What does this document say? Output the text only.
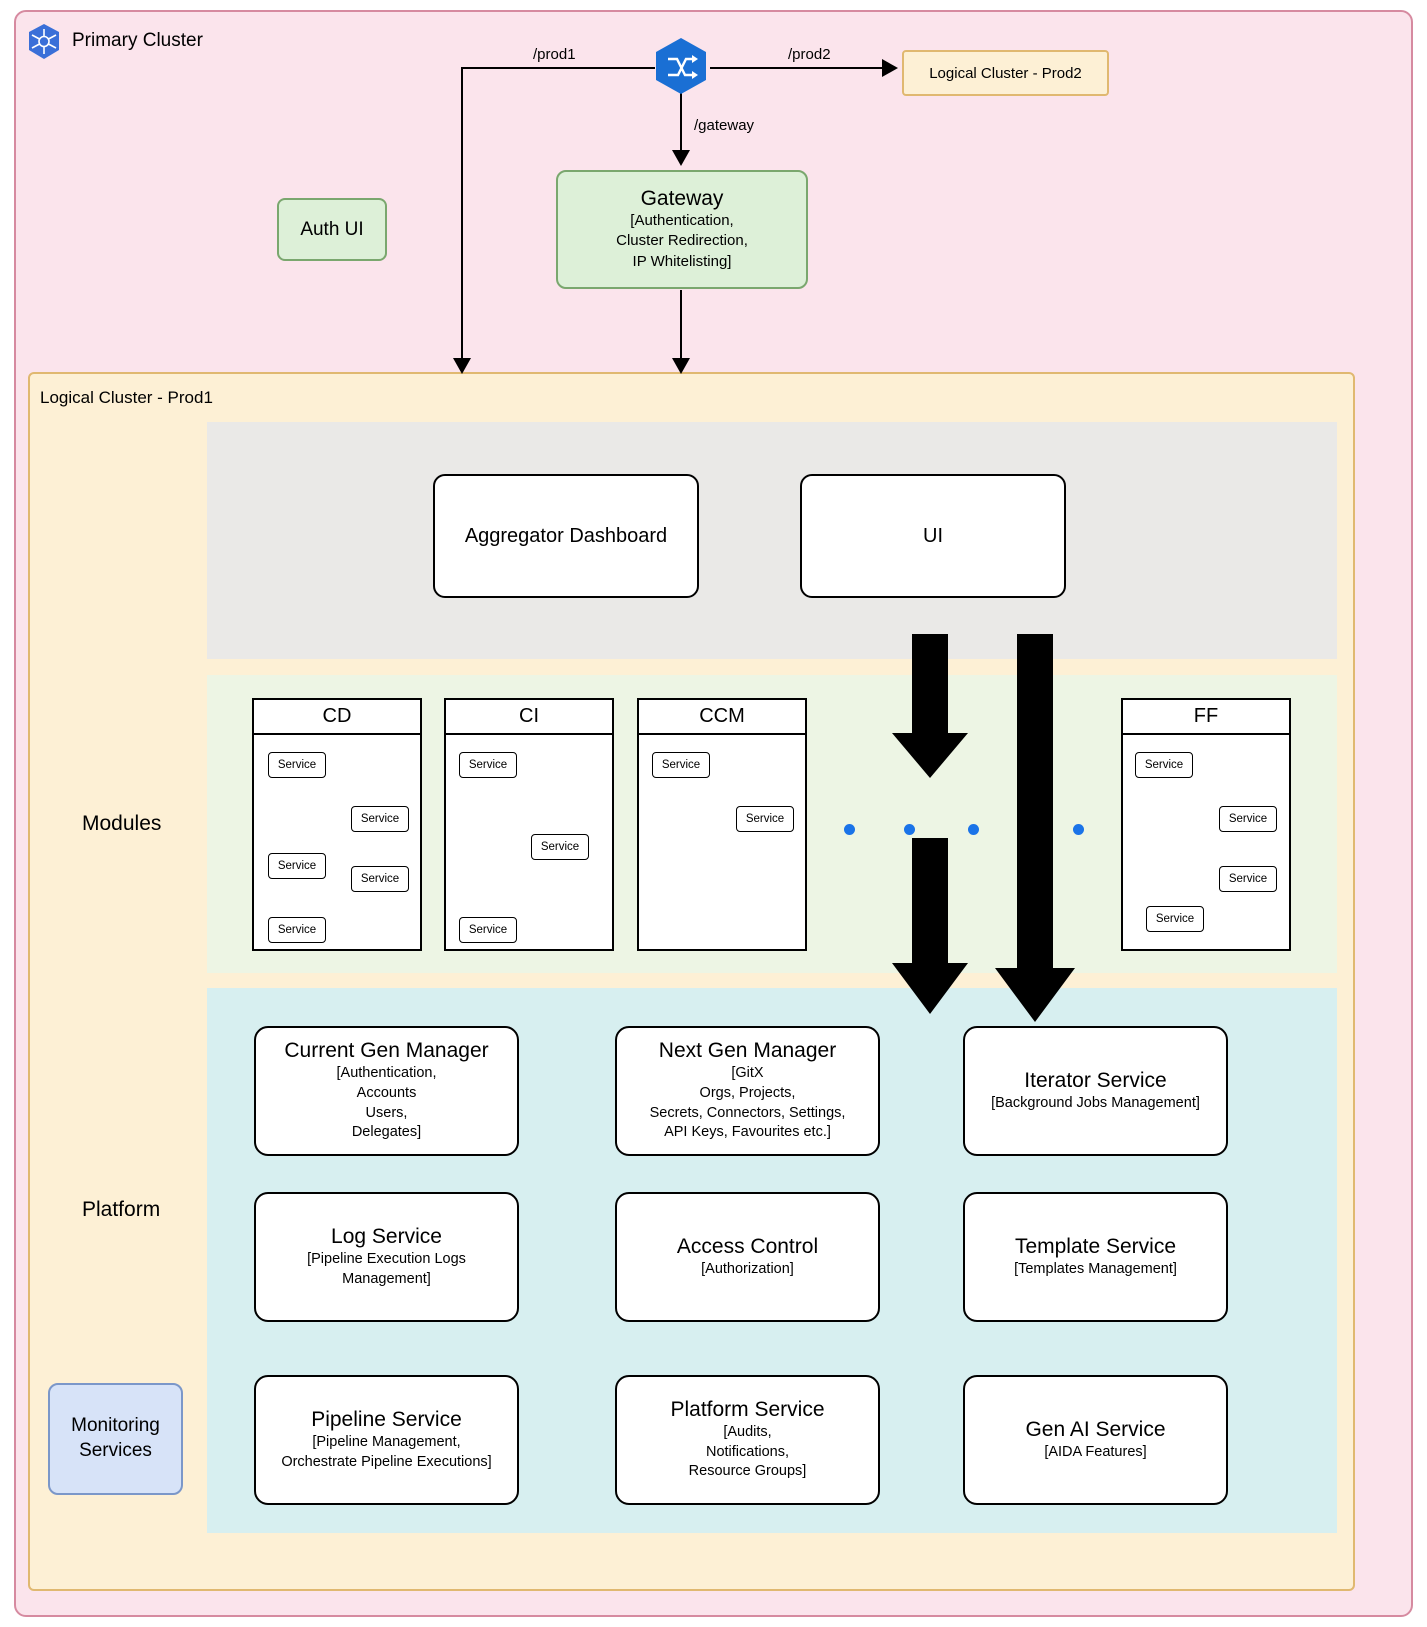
Primary Cluster
Logical Cluster - Prod1
Modules
Platform
/prod1	/prod2
/gateway
Logical Cluster - Prod2
Auth UI
Gateway
[Authentication,
Cluster Redirection,
IP Whitelisting]
Aggregator Dashboard	UI
CD
Service
Service
Service
Service
Service
CI
Service
Service
Service
CCM
Service
Service
FF
Service
Service
Service
Service
Current Gen Manager
[Authentication,
Accounts
Users,
Delegates]
Next Gen Manager
[GitX
Orgs, Projects,
Secrets, Connectors, Settings,
API Keys, Favourites etc.]
Iterator Service
[Background Jobs Management]
Log Service
[Pipeline Execution Logs
Management]
Access Control
[Authorization]
Template Service
[Templates Management]
Pipeline Service
[Pipeline Management,
Orchestrate Pipeline Executions]
Platform Service
[Audits,
Notifications,
Resource Groups]
Gen AI Service
[AIDA Features]
Monitoring
Services
